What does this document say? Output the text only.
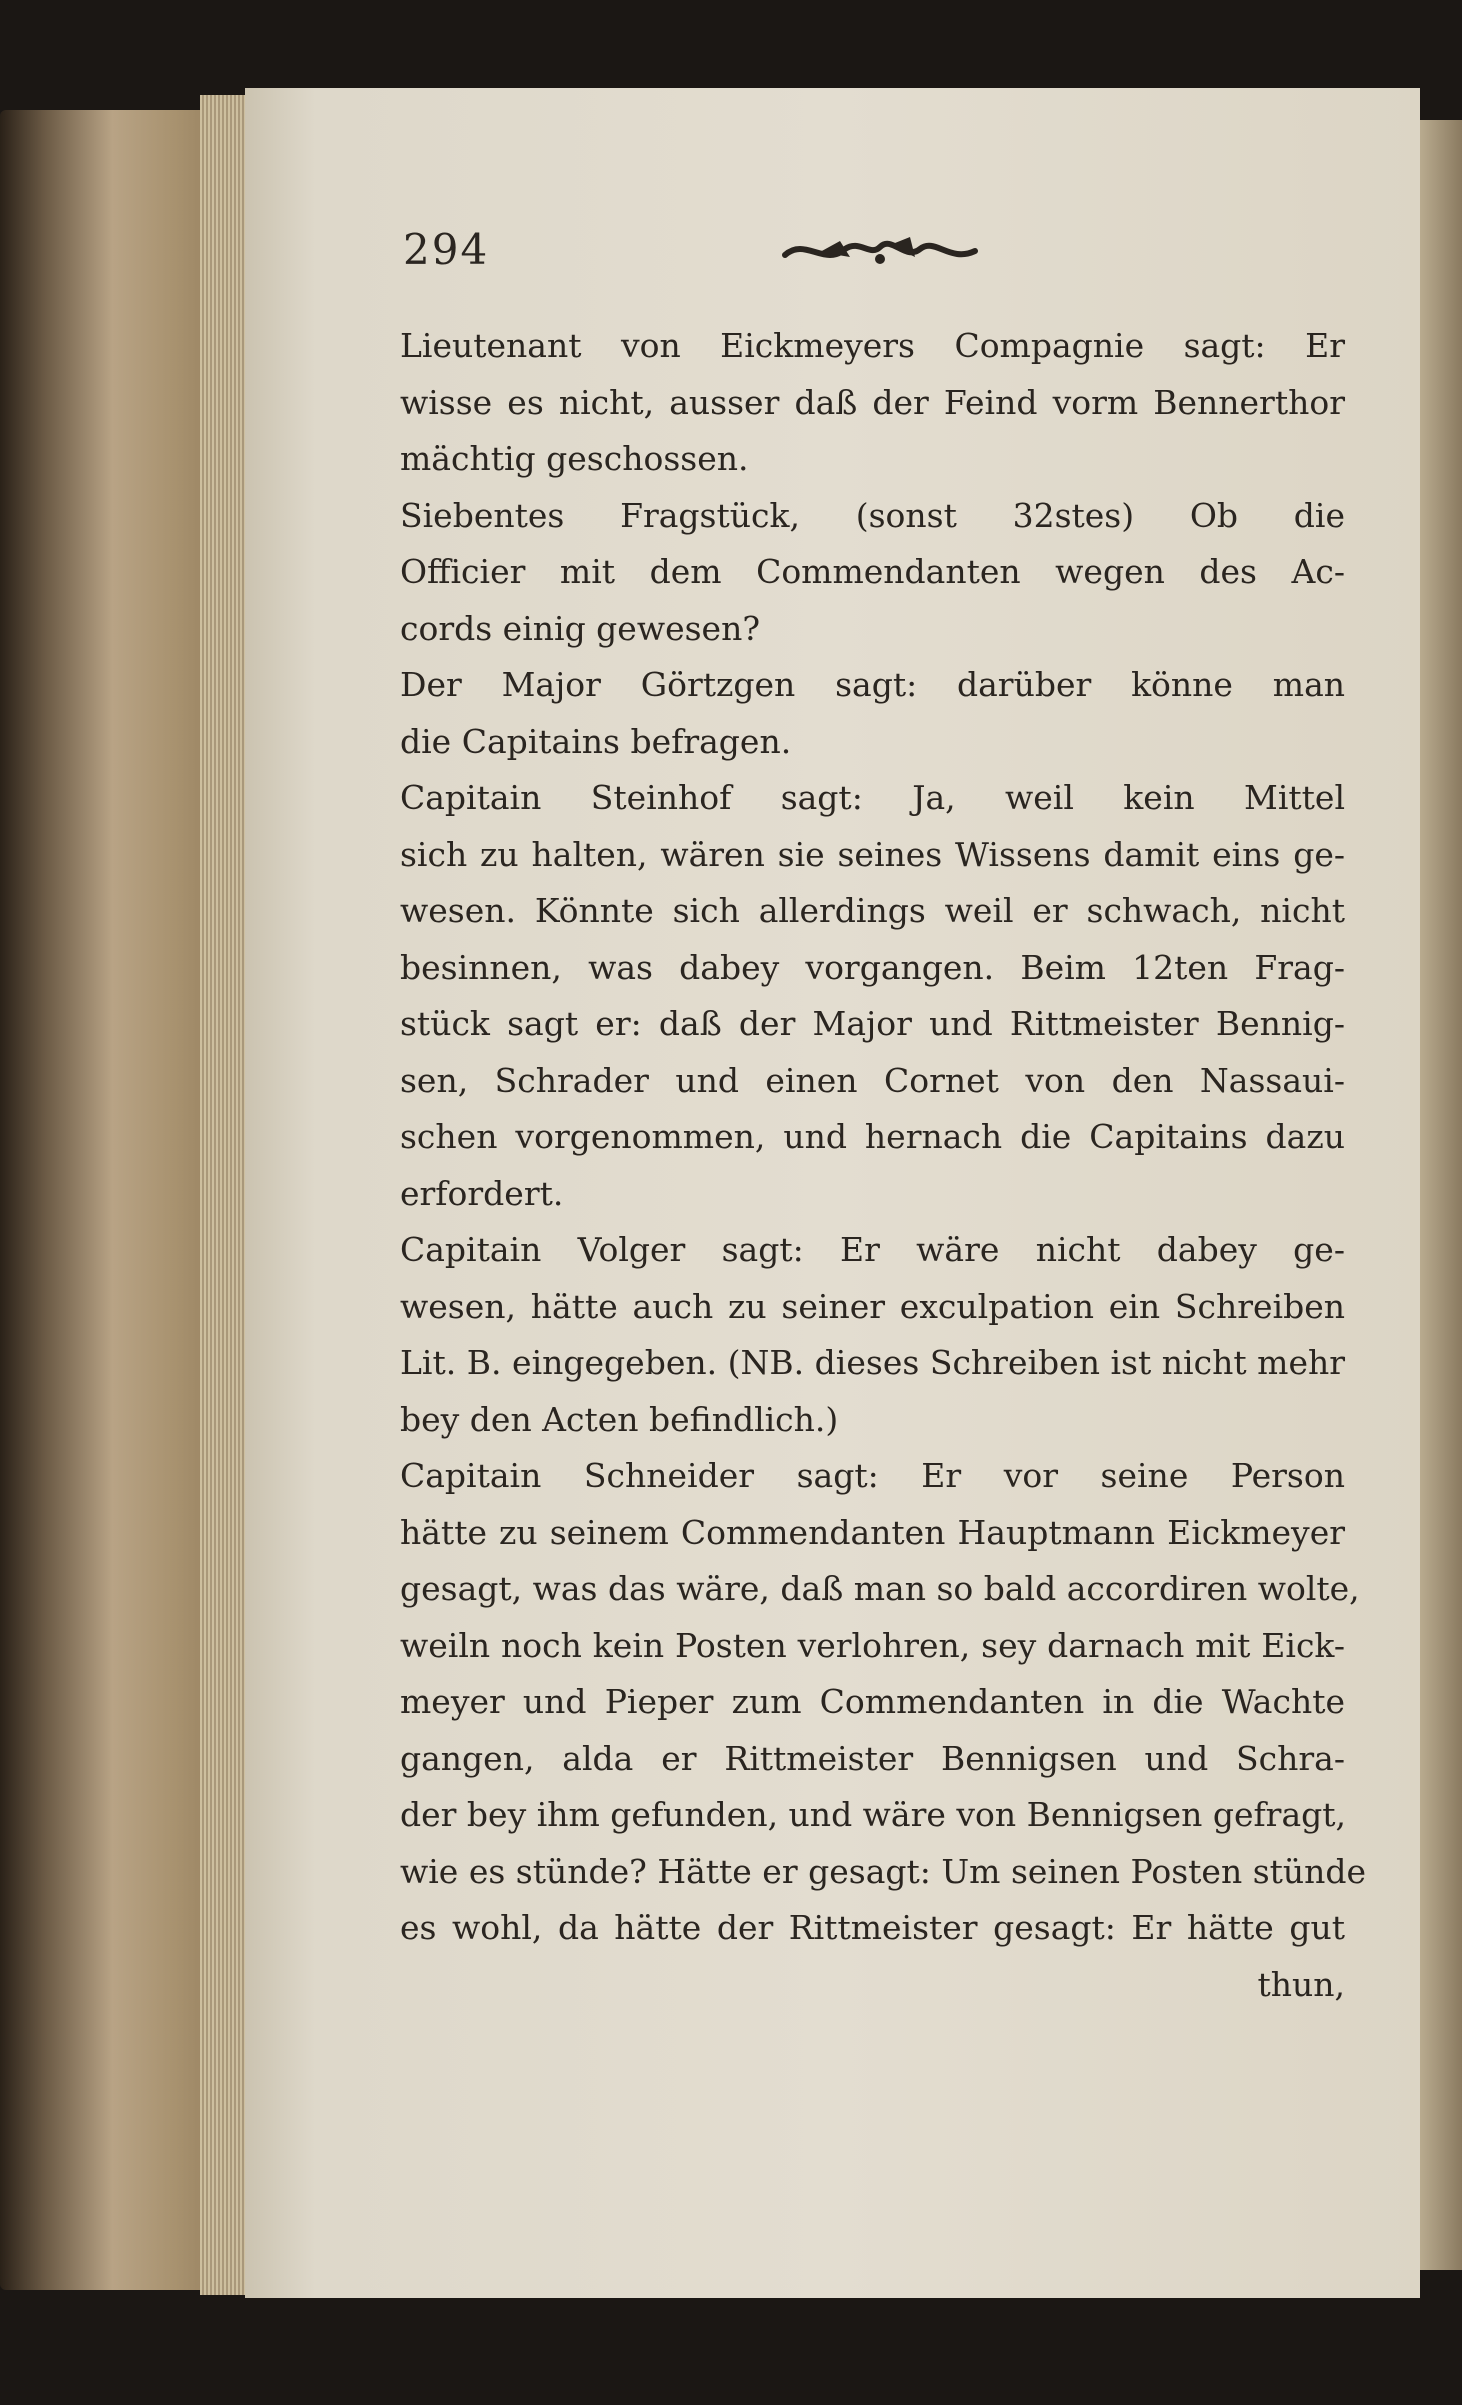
294
Lieutenant von Eickmeyers Compagnie sagt: Er
wisse es nicht, ausser daß der Feind vorm Bennerthor
mächtig geschossen.
Siebentes Fragstück, (sonst 32stes) Ob die
Officier mit dem Commendanten wegen des Ac-
cords einig gewesen?
Der Major Görtzgen sagt: darüber könne man
die Capitains befragen.
Capitain Steinhof sagt: Ja, weil kein Mittel
sich zu halten, wären sie seines Wissens damit eins ge-
wesen. Könnte sich allerdings weil er schwach, nicht
besinnen, was dabey vorgangen. Beim 12ten Frag-
stück sagt er: daß der Major und Rittmeister Bennig-
sen, Schrader und einen Cornet von den Nassaui-
schen vorgenommen, und hernach die Capitains dazu
erfordert.
Capitain Volger sagt: Er wäre nicht dabey ge-
wesen, hätte auch zu seiner exculpation ein Schreiben
Lit. B. eingegeben. (NB. dieses Schreiben ist nicht mehr
bey den Acten befindlich.)
Capitain Schneider sagt: Er vor seine Person
hätte zu seinem Commendanten Hauptmann Eickmeyer
gesagt, was das wäre, daß man so bald accordiren wolte,
weiln noch kein Posten verlohren, sey darnach mit Eick-
meyer und Pieper zum Commendanten in die Wachte
gangen, alda er Rittmeister Bennigsen und Schra-
der bey ihm gefunden, und wäre von Bennigsen gefragt,
wie es stünde? Hätte er gesagt: Um seinen Posten stünde
es wohl, da hätte der Rittmeister gesagt: Er hätte gut
thun,
